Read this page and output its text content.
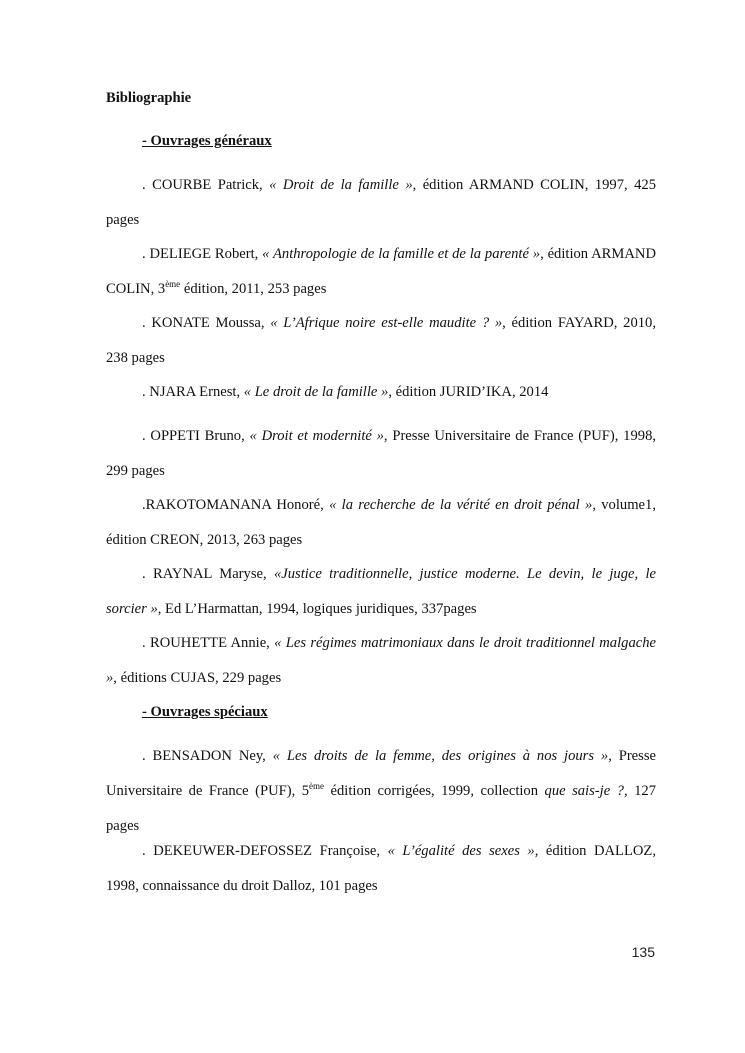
Bibliographie
- Ouvrages généraux
. COURBE Patrick, « Droit de la famille », édition ARMAND COLIN, 1997, 425 pages
. DELIEGE Robert, « Anthropologie de la famille et de la parenté », édition ARMAND COLIN, 3ème édition, 2011, 253 pages
. KONATE Moussa, « L’Afrique noire est-elle maudite ? », édition FAYARD, 2010, 238 pages
. NJARA Ernest, « Le droit de la famille », édition JURID’IKA, 2014
. OPPETI Bruno, « Droit et modernité », Presse Universitaire de France (PUF), 1998, 299 pages
.RAKOTOMANANA Honoré, « la recherche de la vérité en droit pénal », volume1, édition CREON, 2013, 263 pages
. RAYNAL Maryse, «Justice traditionnelle, justice moderne. Le devin, le juge, le sorcier », Ed L’Harmattan, 1994, logiques juridiques, 337pages
. ROUHETTE Annie, « Les régimes matrimoniaux dans le droit traditionnel malgache », éditions CUJAS, 229 pages
- Ouvrages spéciaux
. BENSADON Ney, « Les droits de la femme, des origines à nos jours », Presse Universitaire de France (PUF), 5ème édition corrigées, 1999, collection que sais-je ?, 127 pages
. DEKEUWER-DEFOSSEZ Françoise, « L’égalité des sexes », édition DALLOZ, 1998, connaissance du droit Dalloz, 101 pages
135
